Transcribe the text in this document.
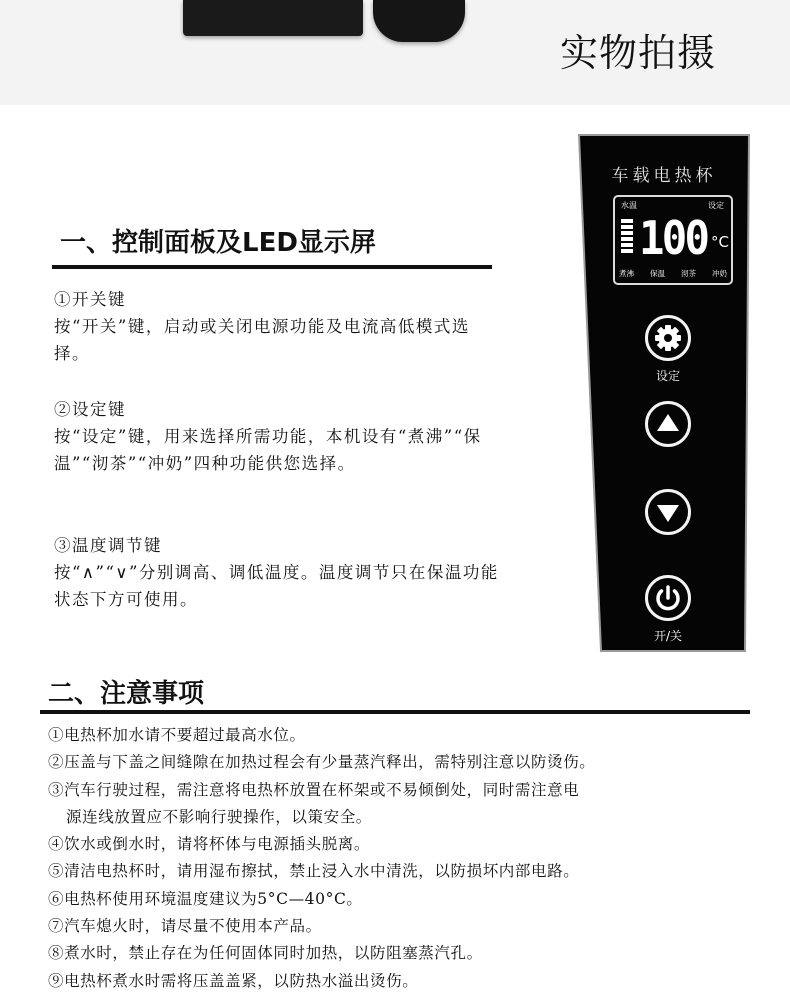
实物拍摄
一、控制面板及LED显示屏
①开关键
按“开关”键，启动或关闭电源功能及电流高低模式选择。
②设定键
按“设定”键，用来选择所需功能，本机设有“煮沸”“保温”“沏茶”“冲奶”四种功能供您选择。
③温度调节键
按“∧”“∨”分别调高、调低温度。温度调节只在保温功能状态下方可使用。
车载电热杯
水温	设定
100 °C
煮沸 保温 沏茶 冲奶
设定
开/关
二、注意事项
①电热杯加水请不要超过最高水位。
②压盖与下盖之间缝隙在加热过程会有少量蒸汽释出，需特别注意以防烫伤。
③汽车行驶过程，需注意将电热杯放置在杯架或不易倾倒处，同时需注意电
源连线放置应不影响行驶操作，以策安全。
④饮水或倒水时，请将杯体与电源插头脱离。
⑤清洁电热杯时，请用湿布擦拭，禁止浸入水中清洗，以防损坏内部电路。
⑥电热杯使用环境温度建议为5°C—40°C。
⑦汽车熄火时，请尽量不使用本产品。
⑧煮水时，禁止存在为任何固体同时加热，以防阻塞蒸汽孔。
⑨电热杯煮水时需将压盖盖紧，以防热水溢出烫伤。
